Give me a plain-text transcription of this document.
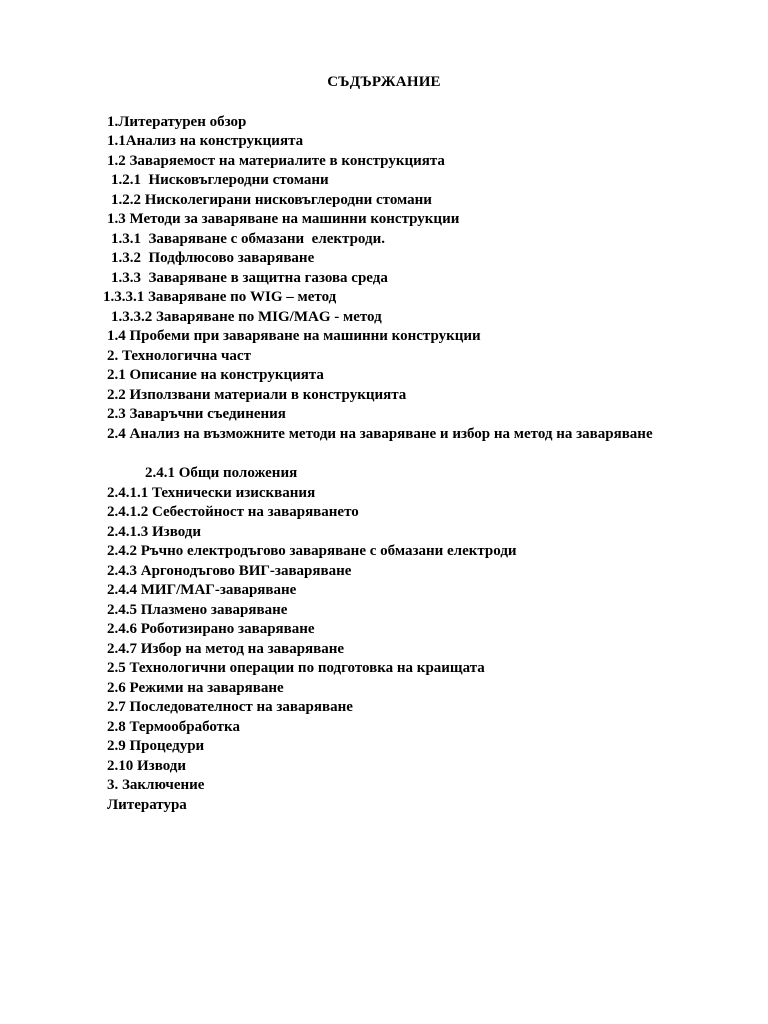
СЪДЪРЖАНИЕ
1.Литературен обзор
1.1Анализ на конструкцията
1.2 Заваряемост на материалите в конструкцията
1.2.1  Нисковъглеродни стомани
1.2.2 Нисколегирани нисковъглеродни стомани
1.3 Методи за заваряване на машинни конструкции
1.3.1  Заваряване с обмазани  електроди.
1.3.2  Подфлюсово заваряване
1.3.3  Заваряване в защитна газова среда
1.3.3.1 Заваряване по WIG – метод
1.3.3.2 Заваряване по MIG/MAG - метод
1.4 Пробеми при заваряване на машинни конструкции
2. Технологична част
2.1 Описание на конструкцията
2.2 Използвани материали в конструкцията
2.3 Заваръчни съединения
2.4 Анализ на възможните методи на заваряване и избор на метод на заваряване
2.4.1 Общи положения
2.4.1.1 Технически изисквания
2.4.1.2 Себестойност на заваряването
2.4.1.3 Изводи
2.4.2 Ръчно електродъгово заваряване с обмазани електроди
2.4.3 Аргонодъгово ВИГ-заваряване
2.4.4 МИГ/МАГ-заваряване
2.4.5 Плазмено заваряване
2.4.6 Роботизирано заваряване
2.4.7 Избор на метод на заваряване
2.5 Технологични операции по подготовка на краищата
2.6 Режими на заваряване
2.7 Последователност на заваряване
2.8 Термообработка
2.9 Процедури
2.10 Изводи
3. Заключение
Литература
